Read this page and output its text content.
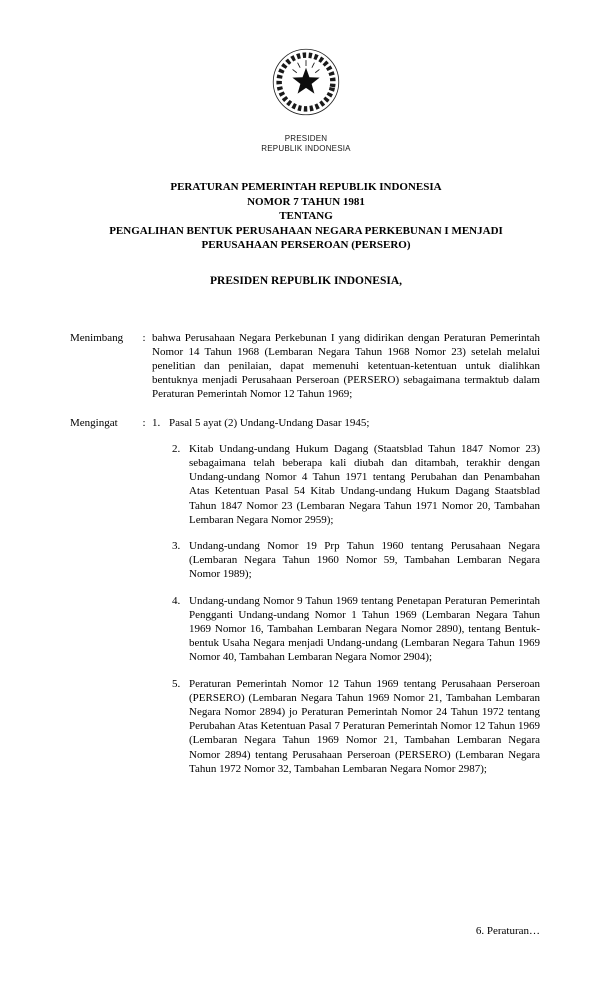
PRESIDEN
REPUBLIK INDONESIA
PERATURAN PEMERINTAH REPUBLIK INDONESIA
NOMOR 7 TAHUN 1981
TENTANG
PENGALIHAN BENTUK PERUSAHAAN NEGARA PERKEBUNAN I MENJADI PERUSAHAAN PERSEROAN (PERSERO)
PRESIDEN REPUBLIK INDONESIA,
Menimbang	: bahwa Perusahaan Negara Perkebunan I yang didirikan dengan Peraturan Pemerintah Nomor 14 Tahun 1968 (Lembaran Negara Tahun 1968 Nomor 23) setelah melalui penelitian dan penilaian, dapat memenuhi ketentuan-ketentuan untuk dialihkan bentuknya menjadi Perusahaan Perseroan (PERSERO) sebagaimana termaktub dalam Peraturan Pemerintah Nomor 12 Tahun 1969;
Mengingat	: 1. Pasal 5 ayat (2) Undang-Undang Dasar 1945;
2. Kitab Undang-undang Hukum Dagang (Staatsblad Tahun 1847 Nomor 23) sebagaimana telah beberapa kali diubah dan ditambah, terakhir dengan Undang-undang Nomor 4 Tahun 1971 tentang Perubahan dan Penambahan Atas Ketentuan Pasal 54 Kitab Undang-undang Hukum Dagang Staatsblad Tahun 1847 Nomor 23 (Lembaran Negara Tahun 1971 Nomor 20, Tambahan Lembaran Negara Nomor 2959);
3. Undang-undang Nomor 19 Prp Tahun 1960 tentang Perusahaan Negara (Lembaran Negara Tahun 1960 Nomor 59, Tambahan Lembaran Negara Nomor 1989);
4. Undang-undang Nomor 9 Tahun 1969 tentang Penetapan Peraturan Pemerintah Pengganti Undang-undang Nomor 1 Tahun 1969 (Lembaran Negara Tahun 1969 Nomor 16, Tambahan Lembaran Negara Nomor 2890), tentang Bentuk-bentuk Usaha Negara menjadi Undang-undang (Lembaran Negara Tahun 1969 Nomor 40, Tambahan Lembaran Negara Nomor 2904);
5. Peraturan Pemerintah Nomor 12 Tahun 1969 tentang Perusahaan Perseroan (PERSERO) (Lembaran Negara Tahun 1969 Nomor 21, Tambahan Lembaran Negara Nomor 2894) jo Peraturan Pemerintah Nomor 24 Tahun 1972 tentang Perubahan Atas Ketentuan Pasal 7 Peraturan Pemerintah Nomor 12 Tahun 1969 (Lembaran Negara Tahun 1969 Nomor 21, Tambahan Lembaran Negara Nomor 2894) tentang Perusahaan Perseroan (PERSERO) (Lembaran Negara Tahun 1972 Nomor 32, Tambahan Lembaran Negara Nomor 2987);
6. Peraturan…
